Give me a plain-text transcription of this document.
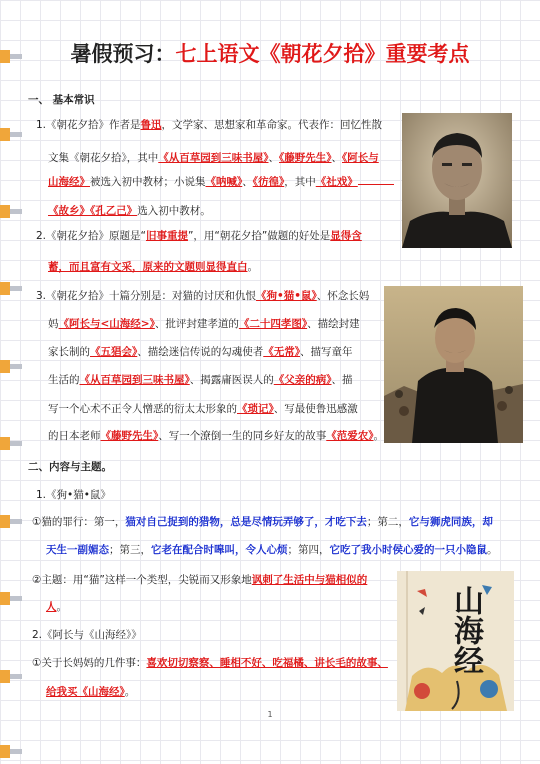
暑假预习：七上语文《朝花夕拾》重要考点
山海经
一、 基本常识
1.《朝花夕拾》作者是鲁迅，文学家、思想家和革命家。代表作：回忆性散
文集《朝花夕拾》，其中《从百草园到三味书屋》、《藤野先生》、《阿长与
山海经》被选入初中教材；小说集《呐喊》、《彷徨》，其中《社戏》
《故乡》《孔乙己》选入初中教材。
2.《朝花夕拾》原题是“旧事重提”，用“朝花夕拾”做题的好处是显得含
蓄，而且富有文采，原来的文题则显得直白。
3.《朝花夕拾》十篇分别是：对猫的讨厌和仇恨《狗•猫•鼠》、怀念长妈
妈《阿长与<山海经>》、批评封建孝道的《二十四孝图》、描绘封建
家长制的《五猖会》、描绘迷信传说的勾魂使者《无常》、描写童年
生活的《从百草园到三味书屋》、揭露庸医误人的《父亲的病》、描
写一个心术不正令人憎恶的衍太太形象的《琐记》、写最使鲁迅感激
的日本老师《藤野先生》、写一个潦倒一生的同乡好友的故事《范爱农》。
二、内容与主题。
1.《狗•猫•鼠》
①猫的罪行：第一，猫对自己捉到的猎物，总是尽情玩弄够了，才吃下去；第二，它与狮虎同族，却
天生一副媚态；第三，它老在配合时嗥叫，令人心烦；第四，它吃了我小时侯心爱的一只小隐鼠。
②主题：用“猫”这样一个类型，尖锐而又形象地讽刺了生活中与猫相似的
人。
2.《阿长与《山海经》》
①关于长妈妈的几件事：喜欢切切察察、睡相不好、吃福橘、讲长毛的故事、
给我买《山海经》。
1
